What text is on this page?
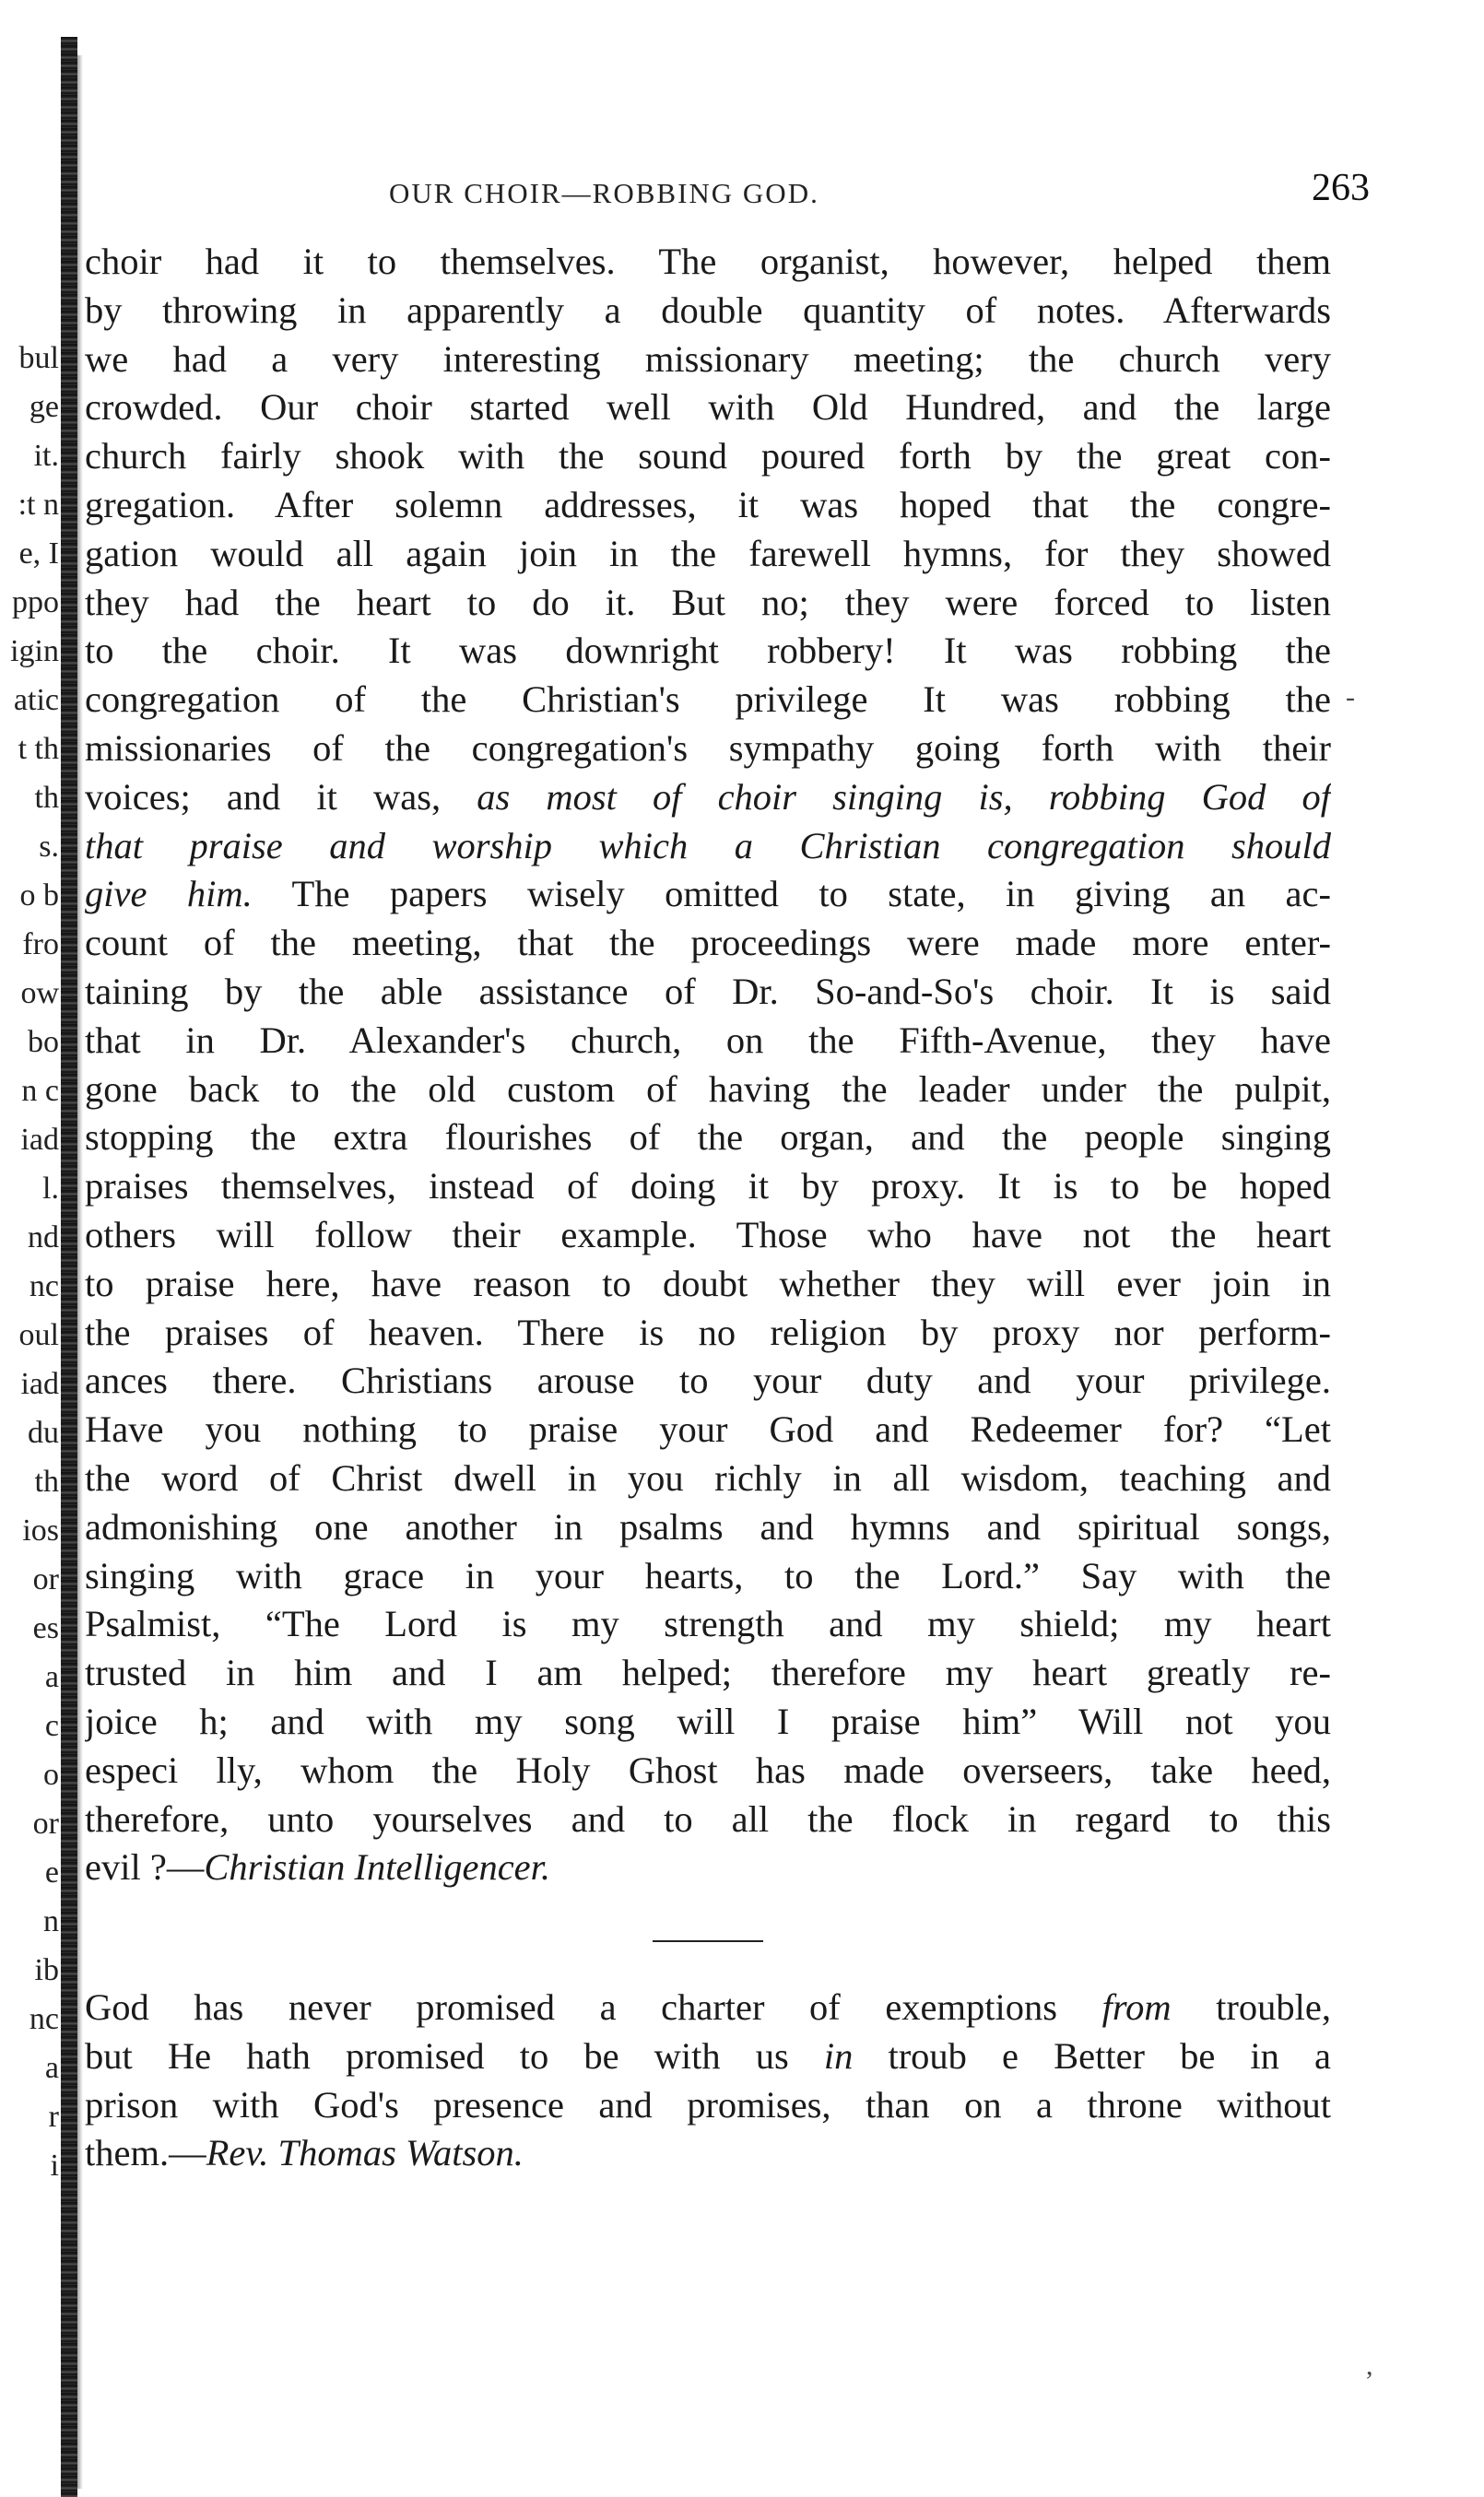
bul
ge
it.
:t n
e, I
ppo
igin
atic
t th
th
s.
o b
fro
ow
bo
n c
iad
l.
nd
nc
oul
iad
du
th
ios
or
es
a
c
o
or
e
n
ib
nc
a
r
i
OUR CHOIR—ROBBING GOD.	263
choir had it to themselves. The organist, however, helped them
by throwing in apparently a double quantity of notes. Afterwards
we had a very interesting missionary meeting; the church very
crowded. Our choir started well with Old Hundred, and the large
church fairly shook with the sound poured forth by the great con-
gregation. After solemn addresses, it was hoped that the congre-
gation would all again join in the farewell hymns, for they showed
they had the heart to do it. But no; they were forced to listen
to the choir. It was downright robbery! It was robbing the
congregation of the Christian's privilege It was robbing the
missionaries of the congregation's sympathy going forth with their
voices; and it was, as most of choir singing is, robbing God of
that praise and worship which a Christian congregation should
give him. The papers wisely omitted to state, in giving an ac-
count of the meeting, that the proceedings were made more enter-
taining by the able assistance of Dr. So-and-So's choir. It is said
that in Dr. Alexander's church, on the Fifth-Avenue, they have
gone back to the old custom of having the leader under the pulpit,
stopping the extra flourishes of the organ, and the people singing
praises themselves, instead of doing it by proxy. It is to be hoped
others will follow their example. Those who have not the heart
to praise here, have reason to doubt whether they will ever join in
the praises of heaven. There is no religion by proxy nor perform-
ances there. Christians arouse to your duty and your privilege.
Have you nothing to praise your God and Redeemer for? “Let
the word of Christ dwell in you richly in all wisdom, teaching and
admonishing one another in psalms and hymns and spiritual songs,
singing with grace in your hearts, to the Lord.” Say with the
Psalmist, “The Lord is my strength and my shield; my heart
trusted in him and I am helped; therefore my heart greatly re-
joice h; and with my song will I praise him” Will not you
especi lly, whom the Holy Ghost has made overseers, take heed,
therefore, unto yourselves and to all the flock in regard to this
evil ?—Christian Intelligencer.
God has never promised a charter of exemptions from trouble,
but He hath promised to be with us in troub e Better be in a
prison with God's presence and promises, than on a throne without
them.—Rev. Thomas Watson.
-
,
